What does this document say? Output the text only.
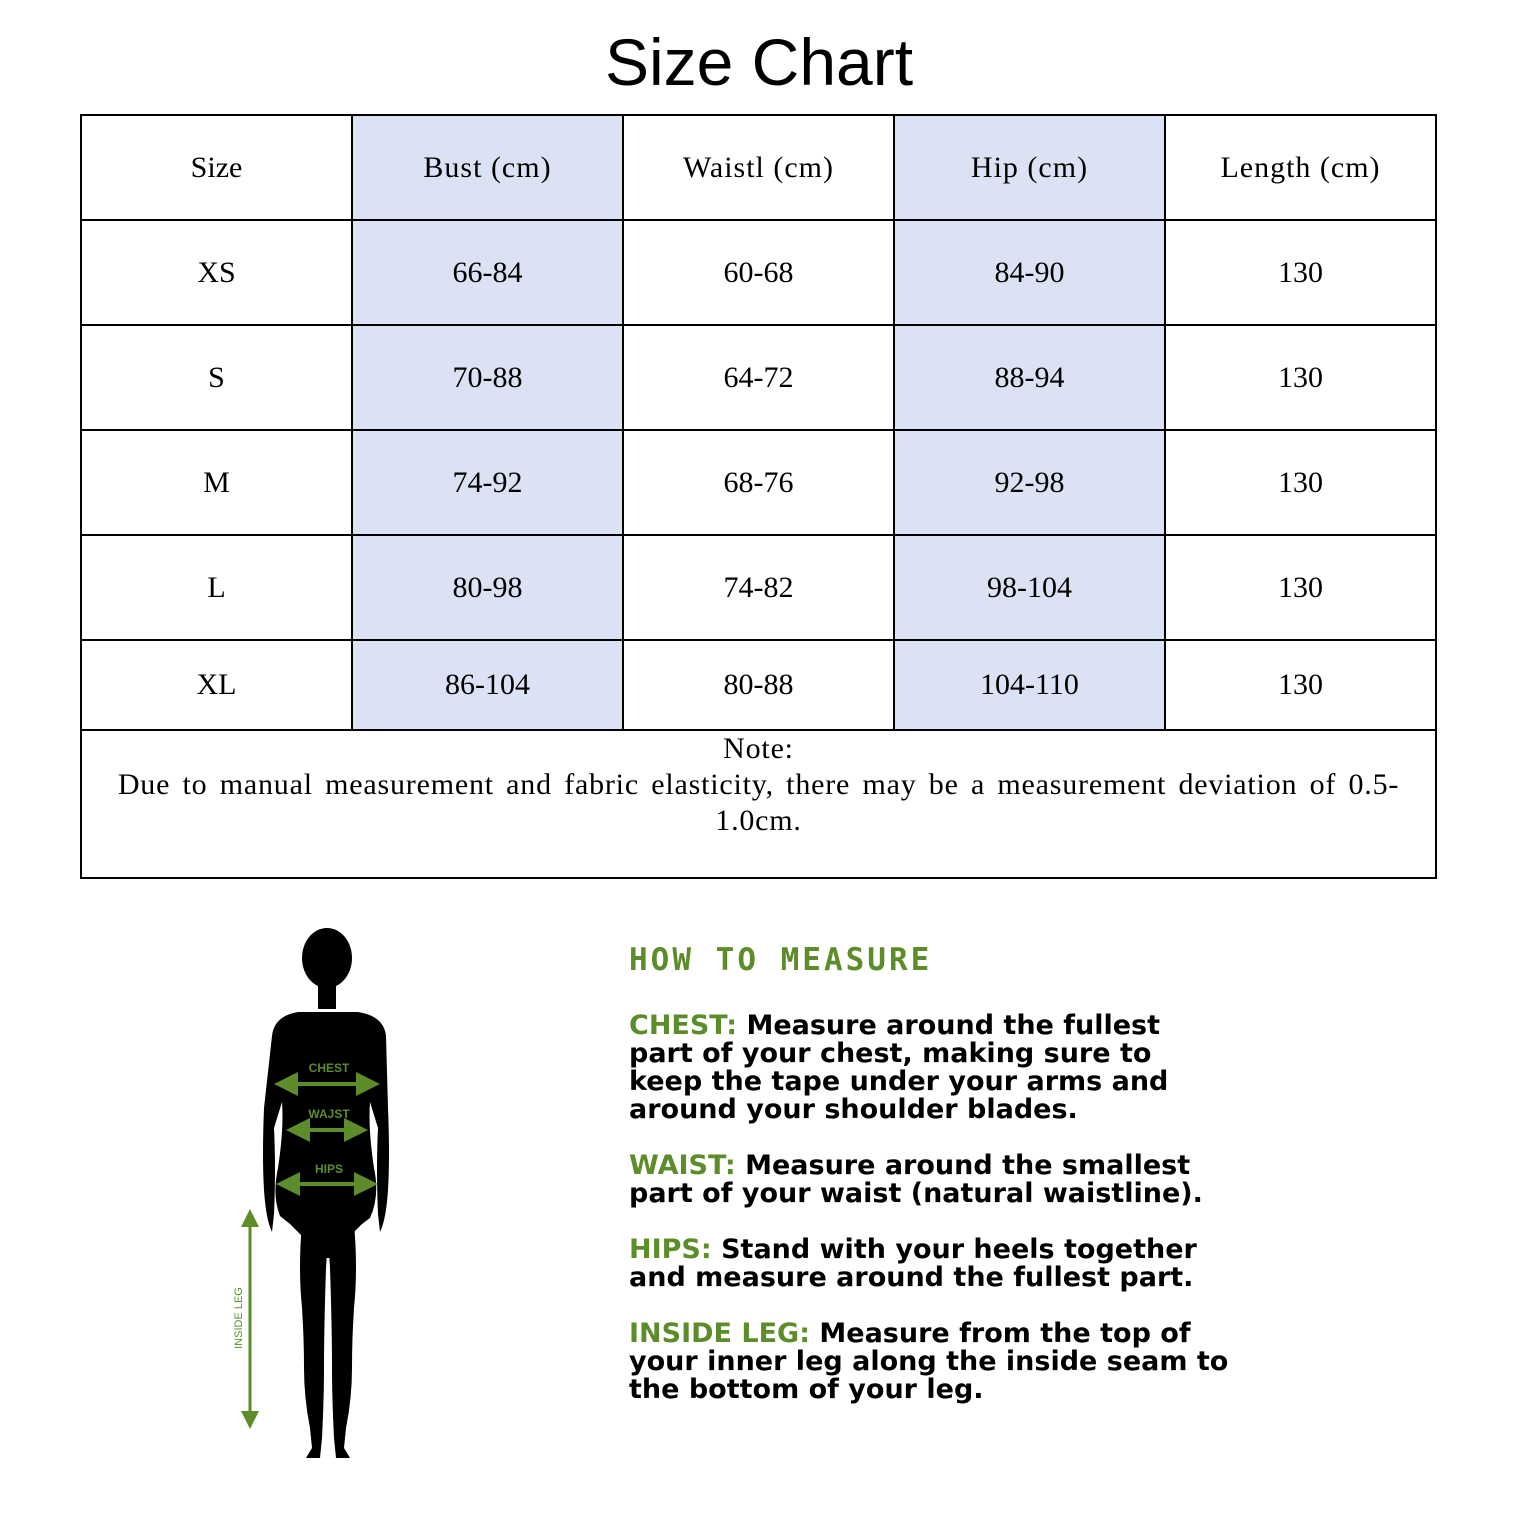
Size Chart
Size	Bust (cm)	Waistl (cm)	Hip (cm)	Length (cm)
XS	66-84	60-68	84-90	130
S	70-88	64-72	88-94	130
M	74-92	68-76	92-98	130
L	80-98	74-82	98-104	130
XL	86-104	80-88	104-110	130

Note:
Due to manual measurement and fabric elasticity, there may be a measurement deviation of 0.5-1.0cm.				
CHEST
WAJST
HIPS
INSIDE LEG
HOW TO MEASURE
CHEST: Measure around the fullest part of your chest, making sure to keep the tape under your arms and around your shoulder blades.
WAIST: Measure around the smallest part of your waist (natural waistline).
HIPS: Stand with your heels together and measure around the fullest part.
INSIDE LEG: Measure from the top of your inner leg along the inside seam to the bottom of your leg.
